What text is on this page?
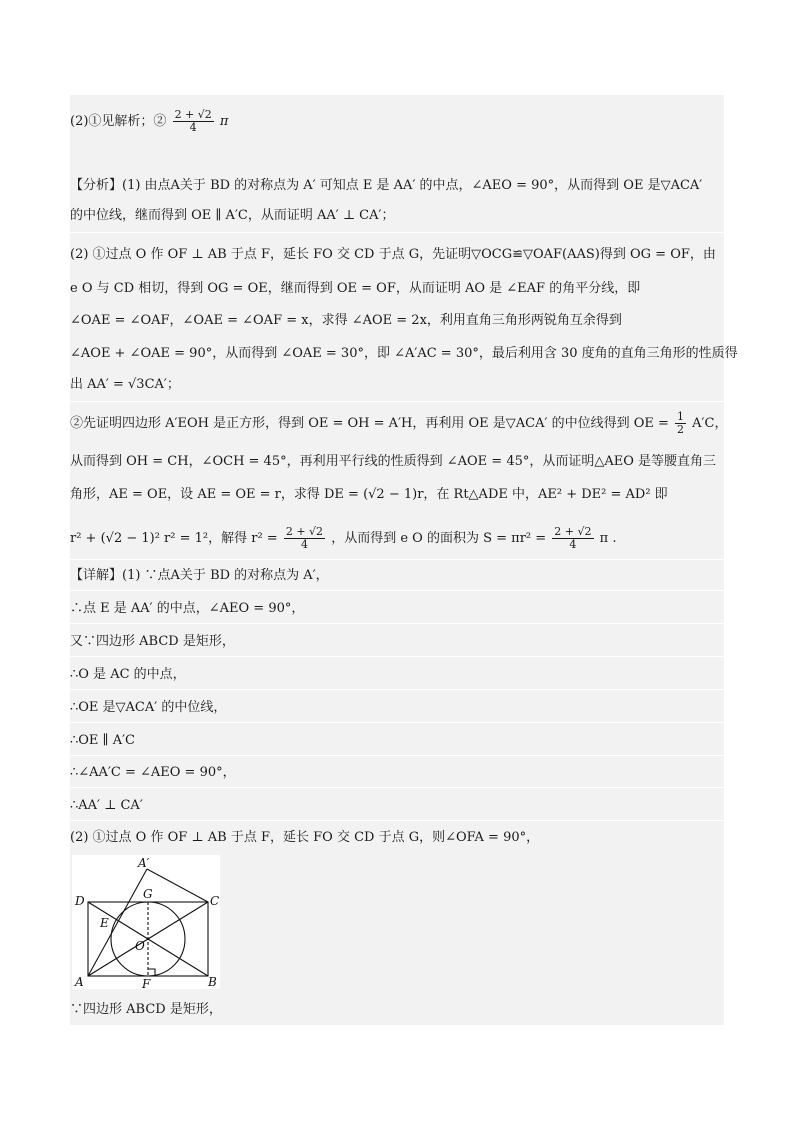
(2)①见解析；② $\frac{2 + √2}{4}$ π
【分析】(1) 由点A关于 BD 的对称点为 A′ 可知点 E 是 AA′ 的中点，∠AEO = 90°，从而得到 OE 是▽ACA′
的中位线，继而得到 OE ∥ A′C，从而证明 AA′ ⊥ CA′；
(2) ①过点 O 作 OF ⊥ AB 于点 F，延长 FO 交 CD 于点 G，先证明▽OCG≌▽OAF(AAS)得到 OG = OF，由
e O 与 CD 相切，得到 OG = OE，继而得到 OE = OF，从而证明 AO 是 ∠EAF 的角平分线，即
∠OAE = ∠OAF，∠OAE = ∠OAF = x，求得 ∠AOE = 2x，利用直角三角形两锐角互余得到
∠AOE + ∠OAE = 90°，从而得到 ∠OAE = 30°，即 ∠A′AC = 30°，最后利用含 30 度角的直角三角形的性质得
出 AA′ = √3CA′；
②先证明四边形 A′EOH 是正方形，得到 OE = OH = A′H，再利用 OE 是▽ACA′ 的中位线得到 OE = $\frac{1}{2} A'C$，
从而得到 OH = CH，∠OCH = 45°，再利用平行线的性质得到 ∠AOE = 45°，从而证明△AEO 是等腰直角三
角形，AE = OE，设 AE = OE = r，求得 DE = (√2 − 1)r，在 Rt△ADE 中，AE² + DE² = AD² 即
r² + (√2 − 1)² r² = 1²，解得 $r^2 = \frac{2 + √2}{4}$ ，从而得到 e O 的面积为 $S = \pi r^2 = \frac{2 + √2}{4}$ π .
【详解】(1) ∵点A关于 BD 的对称点为 A′，
∴点 E 是 AA′ 的中点，∠AEO = 90°，
又∵四边形 ABCD 是矩形，
∴O 是 AC 的中点，
∴OE 是▽ACA′ 的中位线，
∴OE ∥ A′C
∴∠AA′C = ∠AEO = 90°，
∴AA′ ⊥ CA′
(2) ①过点 O 作 OF ⊥ AB 于点 F，延长 FO 交 CD 于点 G，则∠OFA = 90°，
A′
D	G	C
E
O
A	F	B
∵四边形 ABCD 是矩形，
